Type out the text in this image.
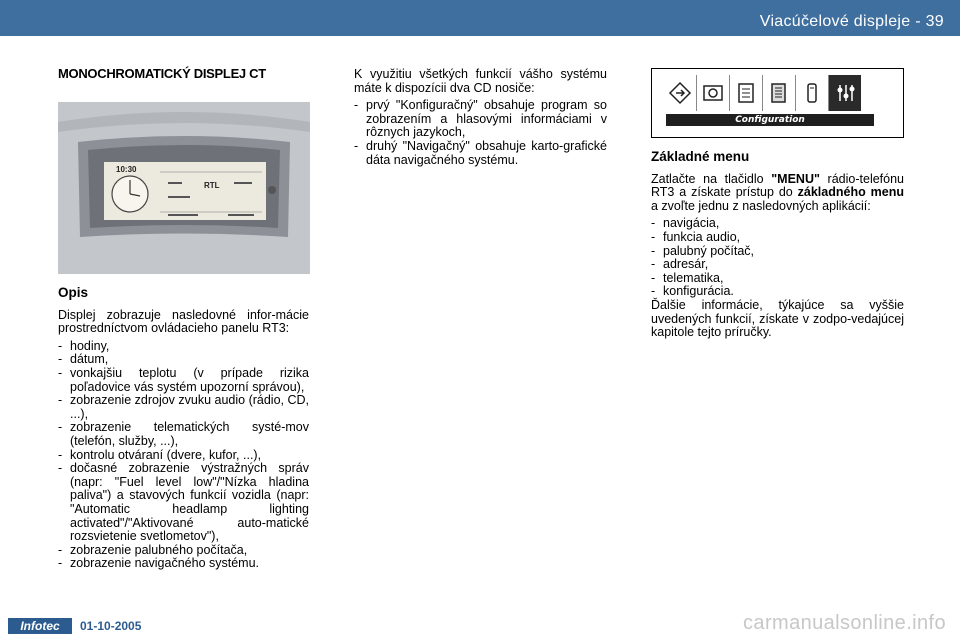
Viacúčelové displeje - 39
MONOCHROMATICKÝ DISPLEJ CT
10:30
RTL
Opis

Displej zobrazuje nasledovné infor-mácie prostredníctvom ovládacieho panelu RT3:

- hodiny,
- dátum,
- vonkajšiu teplotu (v prípade rizika poľadovice vás systém upozorní správou),
- zobrazenie zdrojov zvuku audio (rádio, CD, ...),
- zobrazenie telematických systé-mov (telefón, služby, ...),
- kontrolu otváraní (dvere, kufor, ...),
- dočasné zobrazenie výstražných správ (napr: "Fuel level low"/"Nízka hladina paliva") a stavových funkcií vozidla (napr: "Automatic headlamp lighting activated"/"Aktivované auto-matické rozsvietenie svetlometov"),
- zobrazenie palubného počítača,
- zobrazenie navigačného systému.

K využitiu všetkých funkcií vášho systému máte k dispozícii dva CD nosiče:

- prvý "Konfiguračný" obsahuje program so zobrazením a hlasovými informáciami v rôznych jazykoch,
- druhý "Navigačný" obsahuje karto-grafické dáta navigačného systému.
Configuration
Základné menu

Zatlačte na tlačidlo "MENU" rádio-telefónu RT3 a získate prístup do základného menu a zvoľte jednu z nasledovných aplikácií:

- navigácia,
- funkcia audio,
- palubný počítač,
- adresár,
- telematika,
- konfigurácia.

Ďalšie informácie, týkajúce sa vyššie uvedených funkcií, získate v zodpo-vedajúcej kapitole tejto príručky.

Infotec	01-10-2005	carmanualsonline.info
